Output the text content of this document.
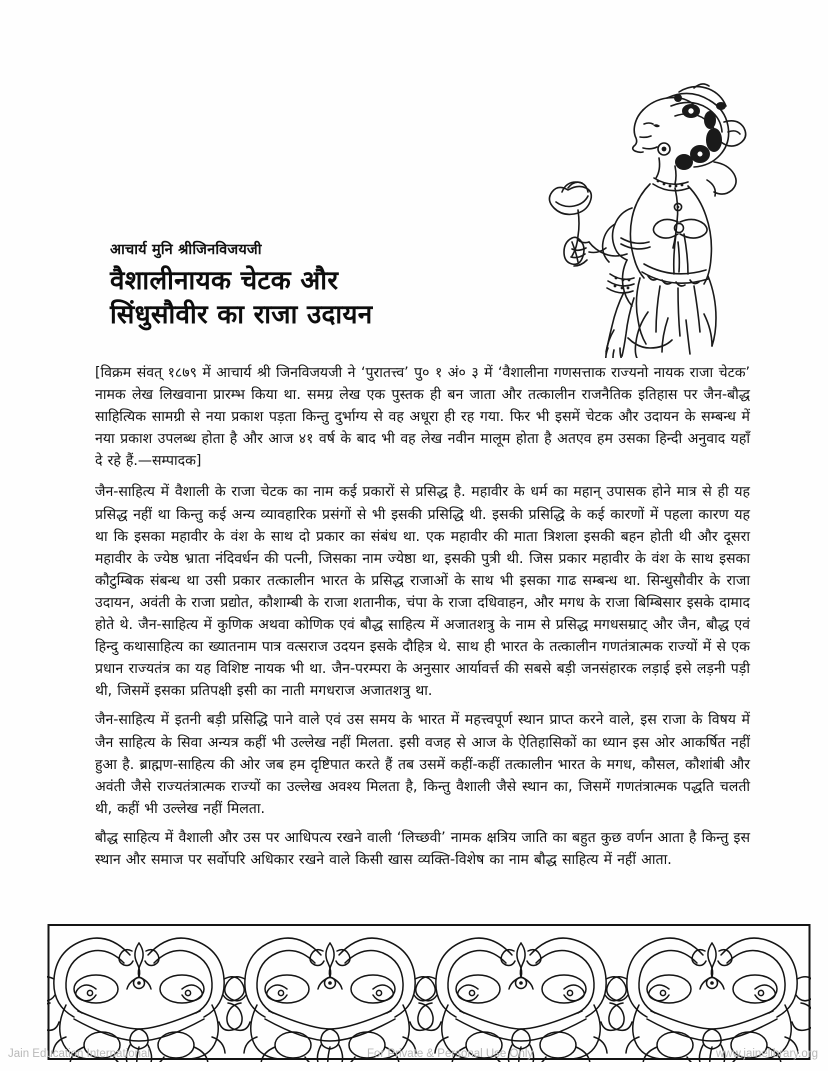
आचार्य मुनि श्रीजिनविजयजी
वैशालीनायक चेटक और
सिंधुसौवीर का राजा उदायन

[विक्रम संवत् १८७९ में आचार्य श्री जिनविजयजी ने ‘पुरातत्त्व’ पु० १ अं० ३ में ‘वैशालीना गणसत्ताक राज्यनो नायक राजा चेटक’ नामक लेख लिखवाना प्रारम्भ किया था. समग्र लेख एक पुस्तक ही बन जाता और तत्कालीन राजनैतिक इतिहास पर जैन-बौद्ध साहित्यिक सामग्री से नया प्रकाश पड़ता किन्तु दुर्भाग्य से वह अधूरा ही रह गया. फिर भी इसमें चेटक और उदायन के सम्बन्ध में नया प्रकाश उपलब्ध होता है और आज ४१ वर्ष के बाद भी वह लेख नवीन मालूम होता है अतएव हम उसका हिन्दी अनुवाद यहाँ दे रहे हैं.—सम्पादक]

जैन-साहित्य में वैशाली के राजा चेटक का नाम कई प्रकारों से प्रसिद्ध है. महावीर के धर्म का महान् उपासक होने मात्र से ही यह प्रसिद्ध नहीं था किन्तु कई अन्य व्यावहारिक प्रसंगों से भी इसकी प्रसिद्धि थी. इसकी प्रसिद्धि के कई कारणों में पहला कारण यह था कि इसका महावीर के वंश के साथ दो प्रकार का संबंध था. एक महावीर की माता त्रिशला इसकी बहन होती थी और दूसरा महावीर के ज्येष्ठ भ्राता नंदिवर्धन की पत्नी, जिसका नाम ज्येष्ठा था, इसकी पुत्री थी. जिस प्रकार महावीर के वंश के साथ इसका कौटुम्बिक संबन्ध था उसी प्रकार तत्कालीन भारत के प्रसिद्ध राजाओं के साथ भी इसका गाढ सम्बन्ध था. सिन्धुसौवीर के राजा उदायन, अवंती के राजा प्रद्योत, कौशाम्बी के राजा शतानीक, चंपा के राजा दधिवाहन, और मगध के राजा बिम्बिसार इसके दामाद होते थे. जैन-साहित्य में कुणिक अथवा कोणिक एवं बौद्ध साहित्य में अजातशत्रु के नाम से प्रसिद्ध मगधसम्राट् और जैन, बौद्ध एवं हिन्दु कथासाहित्य का ख्यातनाम पात्र वत्सराज उदयन इसके दौहित्र थे. साथ ही भारत के तत्कालीन गणतंत्रात्मक राज्यों में से एक प्रधान राज्यतंत्र का यह विशिष्ट नायक भी था. जैन-परम्परा के अनुसार आर्यावर्त्त की सबसे बड़ी जनसंहारक लड़ाई इसे लड़नी पड़ी थी, जिसमें इसका प्रतिपक्षी इसी का नाती मगधराज अजातशत्रु था.

जैन-साहित्य में इतनी बड़ी प्रसिद्धि पाने वाले एवं उस समय के भारत में महत्त्वपूर्ण स्थान प्राप्त करने वाले, इस राजा के विषय में जैन साहित्य के सिवा अन्यत्र कहीं भी उल्लेख नहीं मिलता. इसी वजह से आज के ऐतिहासिकों का ध्यान इस ओर आकर्षित नहीं हुआ है. ब्राह्मण-साहित्य की ओर जब हम दृष्टिपात करते हैं तब उसमें कहीं-कहीं तत्कालीन भारत के मगध, कौसल, कौशांबी और अवंती जैसे राज्यतंत्रात्मक राज्यों का उल्लेख अवश्य मिलता है, किन्तु वैशाली जैसे स्थान का, जिसमें गणतंत्रात्मक पद्धति चलती थी, कहीं भी उल्लेख नहीं मिलता.

बौद्ध साहित्य में वैशाली और उस पर आधिपत्य रखने वाली ‘लिच्छवी’ नामक क्षत्रिय जाति का बहुत कुछ वर्णन आता है किन्तु इस स्थान और समाज पर सर्वोपरि अधिकार रखने वाले किसी खास व्यक्ति-विशेष का नाम बौद्ध साहित्य में नहीं आता.

Jain Education International	For Private & Personal Use Only	www.jainelibrary.org
